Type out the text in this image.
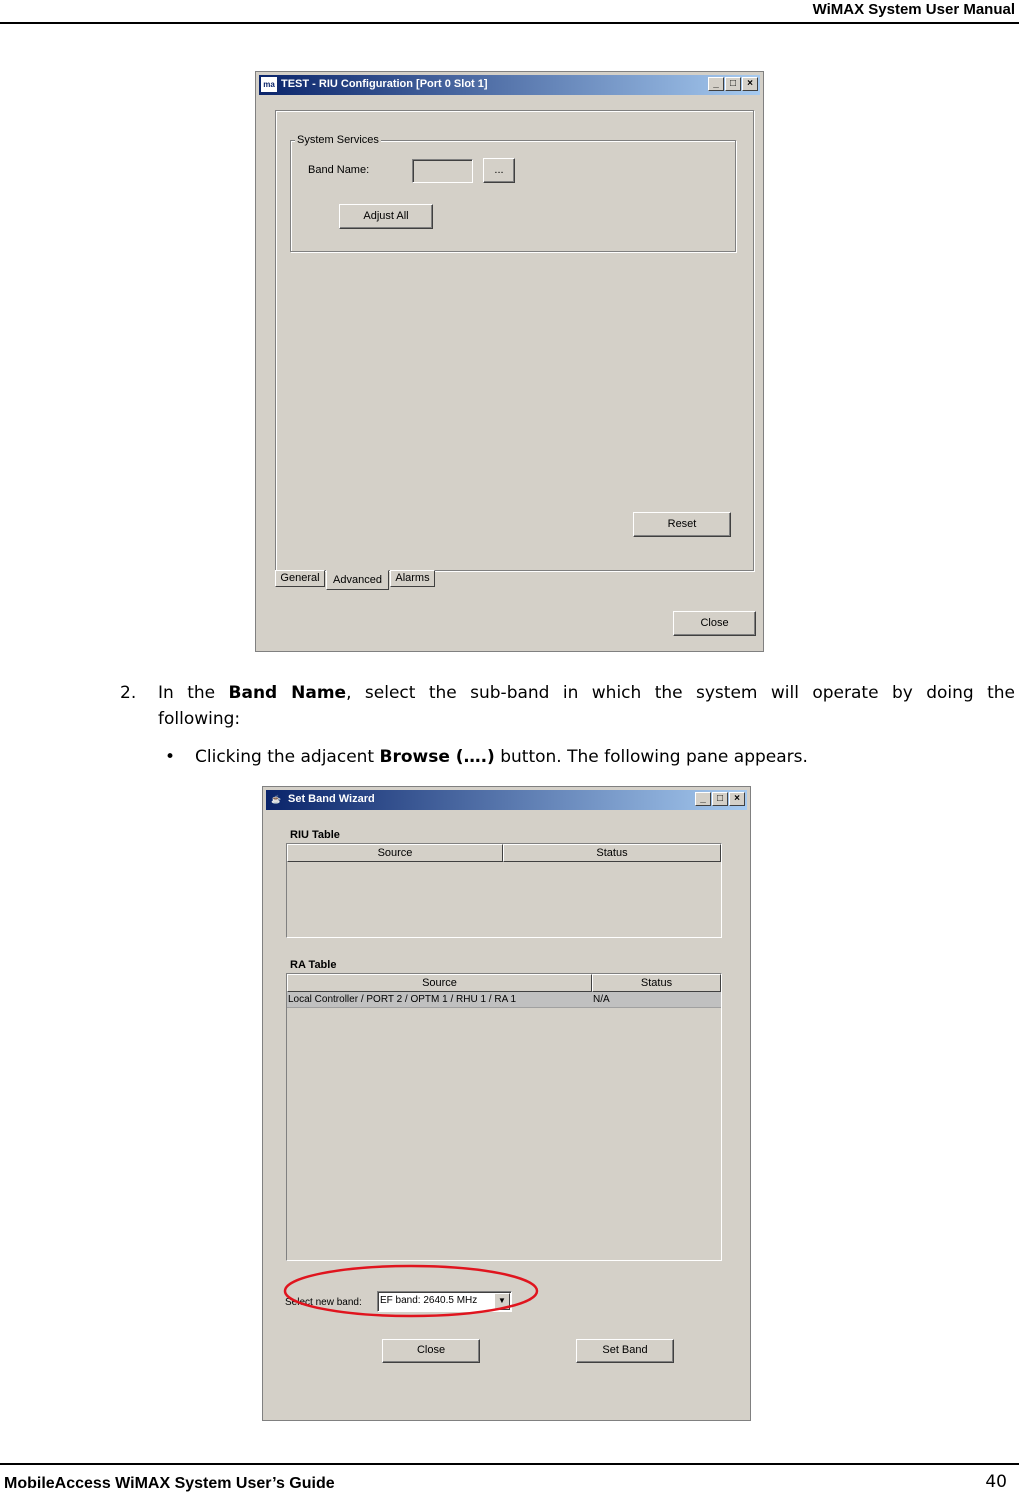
WiMAX System User Manual
ma TEST - RIU Configuration [Port 0 Slot 1]	_	□	×
System Services
Band Name:	...
Adjust All
Reset
General	Advanced	Alarms
Close
2. In the Band Name, select the sub-band in which the system will operate by doing the
following:
• Clicking the adjacent Browse (….) button. The following pane appears.
☕ Set Band Wizard	_	□	×
RIU Table
Source	Status
RA Table
Source	Status
Local Controller / PORT 2 / OPTM 1 / RHU 1 / RA 1	N/A
Select new band: EF band: 2640.5 MHz	▼
Close	Set Band
MobileAccess WiMAX System User’s Guide	40
